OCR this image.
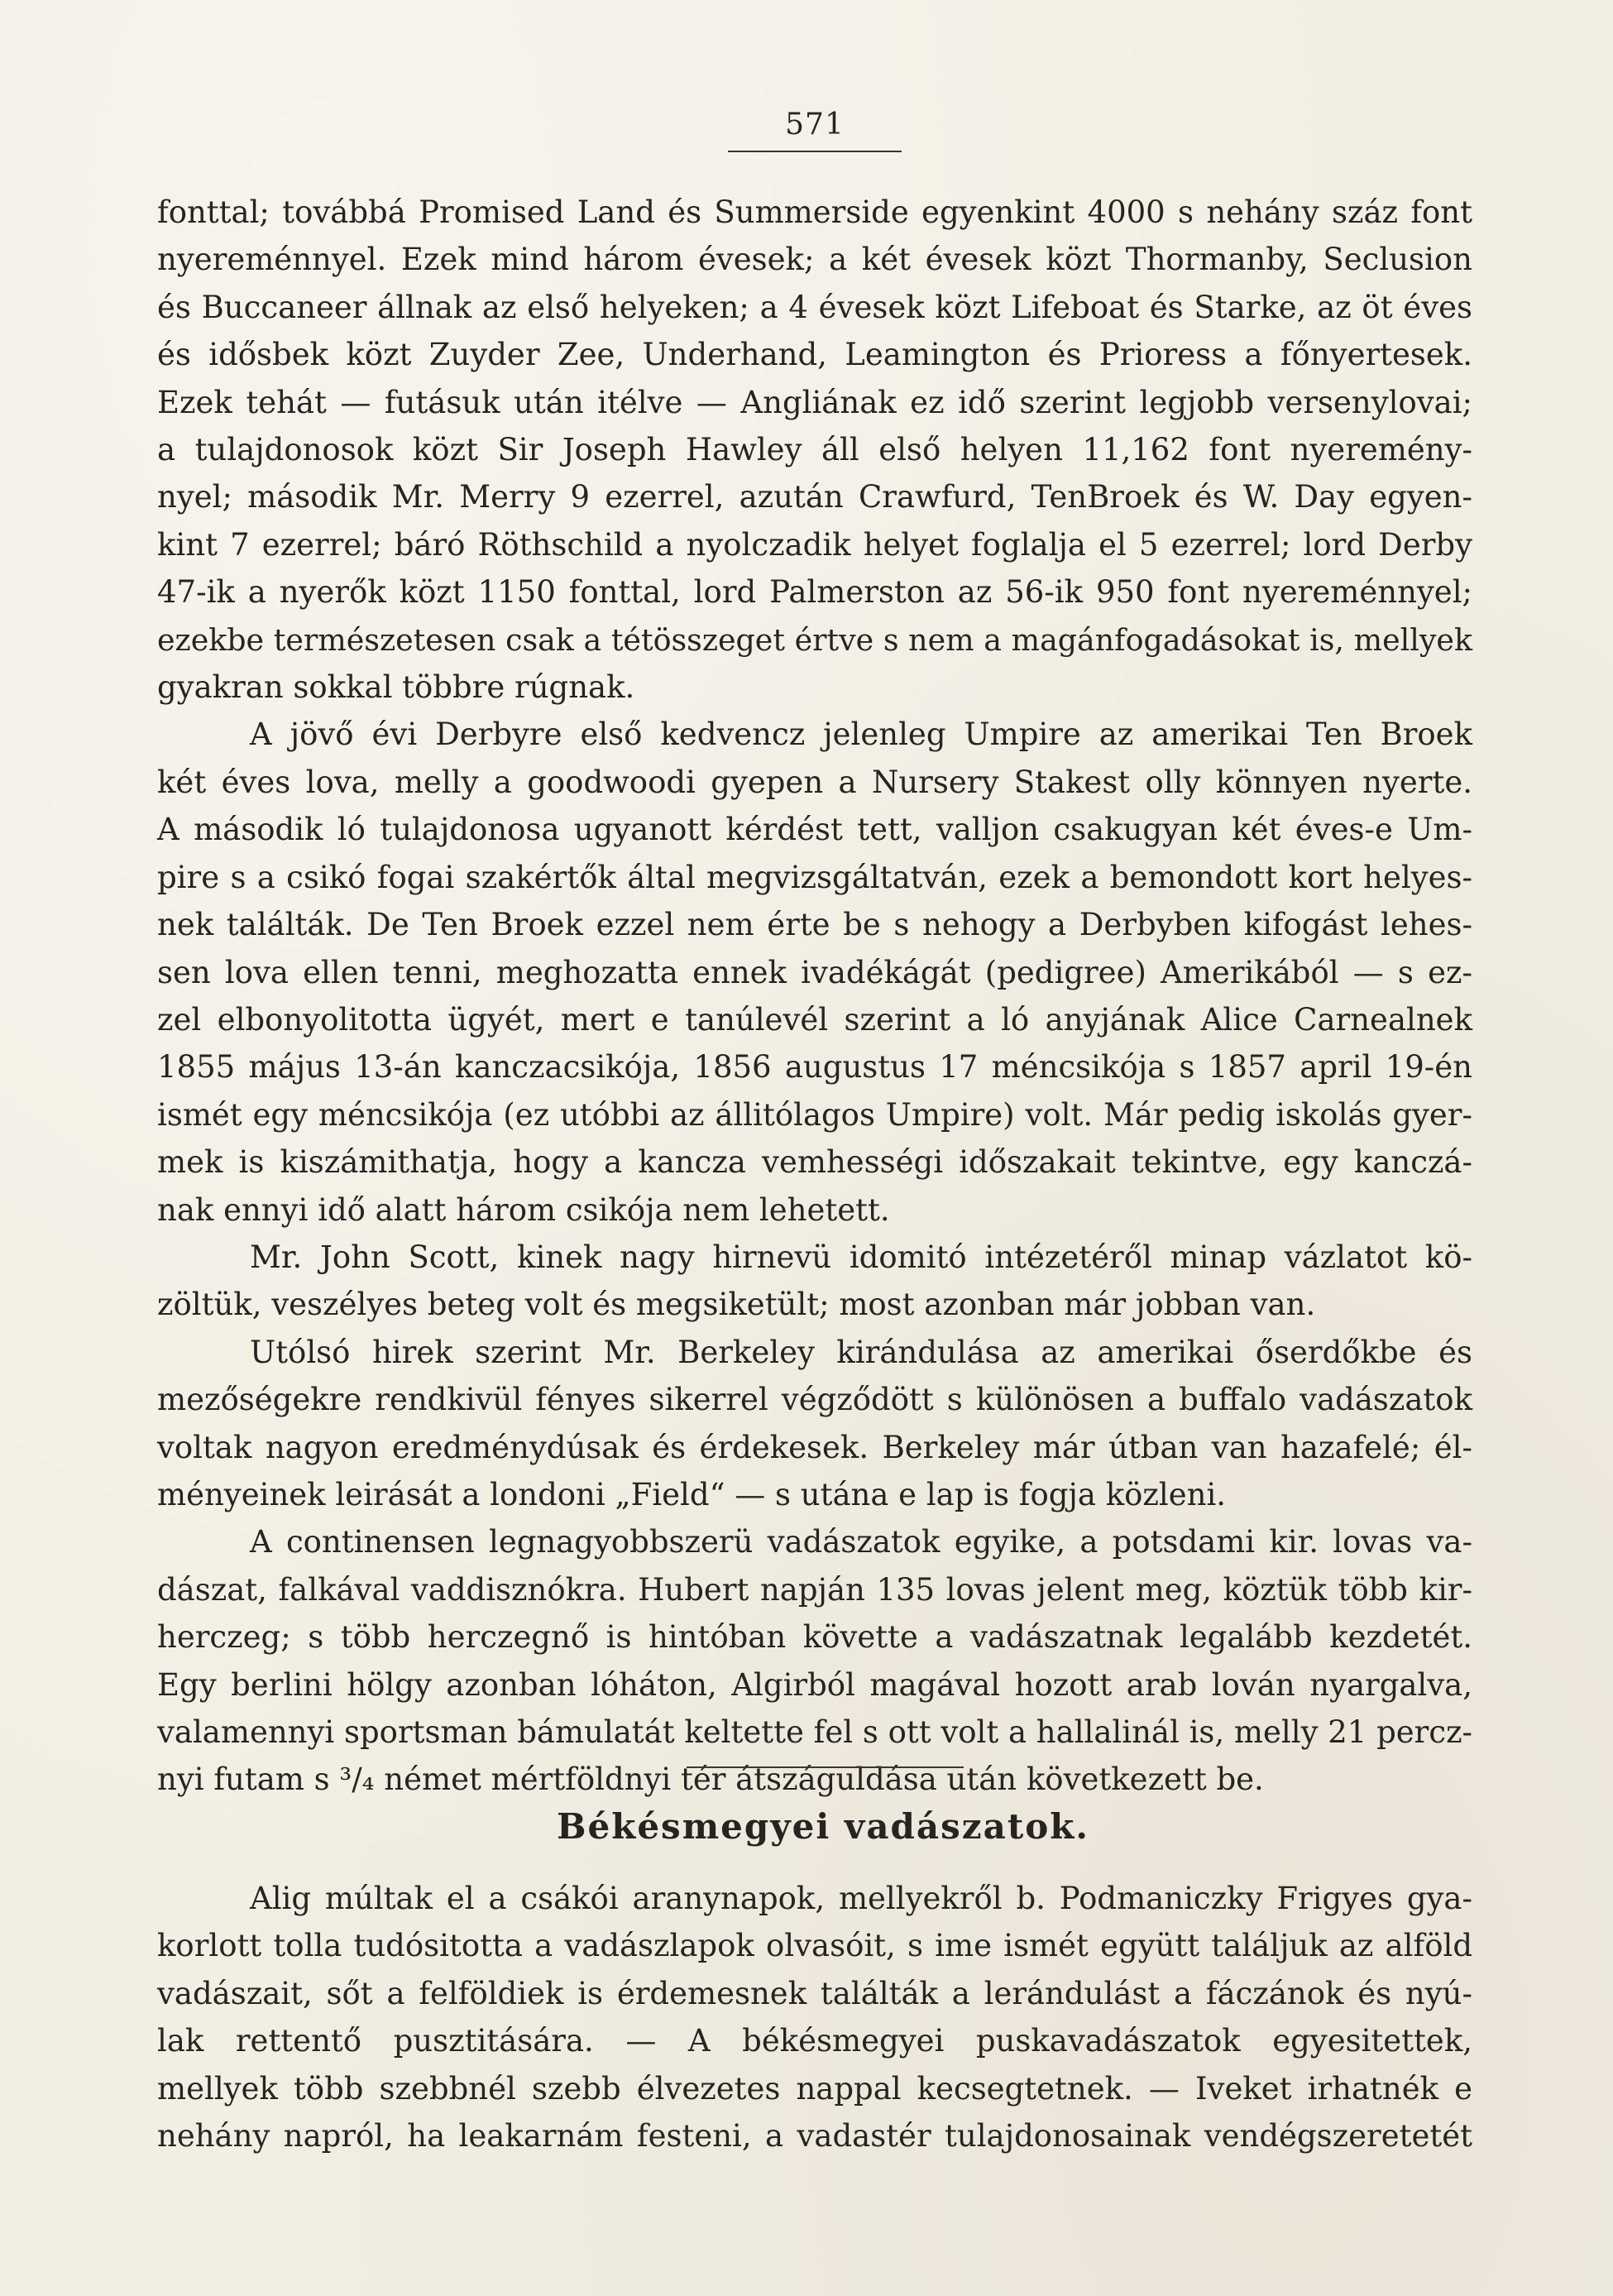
571
fonttal; továbbá Promised Land és Summerside egyenkint 4000 s nehány száz font
nyereménnyel. Ezek mind három évesek; a két évesek közt Thormanby, Seclusion
és Buccaneer állnak az első helyeken; a 4 évesek közt Lifeboat és Starke, az öt éves
és idősbek közt Zuyder Zee, Underhand, Leamington és Prioress a főnyertesek.
Ezek tehát — futásuk után itélve — Angliának ez idő szerint legjobb versenylovai;
a tulajdonosok közt Sir Joseph Hawley áll első helyen 11,162 font nyeremény-
nyel; második Mr. Merry 9 ezerrel, azután Crawfurd, TenBroek és W. Day egyen-
kint 7 ezerrel; báró Röthschild a nyolczadik helyet foglalja el 5 ezerrel; lord Derby
47-ik a nyerők közt 1150 fonttal, lord Palmerston az 56-ik 950 font nyereménnyel;
ezekbe természetesen csak a tétösszeget értve s nem a magánfogadásokat is, mellyek
gyakran sokkal többre rúgnak.
A jövő évi Derbyre első kedvencz jelenleg Umpire az amerikai Ten Broek
két éves lova, melly a goodwoodi gyepen a Nursery Stakest olly könnyen nyerte.
A második ló tulajdonosa ugyanott kérdést tett, valljon csakugyan két éves-e Um-
pire s a csikó fogai szakértők által megvizsgáltatván, ezek a bemondott kort helyes-
nek találták. De Ten Broek ezzel nem érte be s nehogy a Derbyben kifogást lehes-
sen lova ellen tenni, meghozatta ennek ivadékágát (pedigree) Amerikából — s ez-
zel elbonyolitotta ügyét, mert e tanúlevél szerint a ló anyjának Alice Carnealnek
1855 május 13-án kanczacsikója, 1856 augustus 17 méncsikója s 1857 april 19-én
ismét egy méncsikója (ez utóbbi az állitólagos Umpire) volt. Már pedig iskolás gyer-
mek is kiszámithatja, hogy a kancza vemhességi időszakait tekintve, egy kanczá-
nak ennyi idő alatt három csikója nem lehetett.
Mr. John Scott, kinek nagy hirnevü idomitó intézetéről minap vázlatot kö-
zöltük, veszélyes beteg volt és megsiketült; most azonban már jobban van.
Utólsó hirek szerint Mr. Berkeley kirándulása az amerikai őserdőkbe és
mezőségekre rendkivül fényes sikerrel végződött s különösen a buffalo vadászatok
voltak nagyon eredménydúsak és érdekesek. Berkeley már útban van hazafelé; él-
ményeinek leirását a londoni „Field“ — s utána e lap is fogja közleni.
A continensen legnagyobbszerü vadászatok egyike, a potsdami kir. lovas va-
dászat, falkával vaddisznókra. Hubert napján 135 lovas jelent meg, köztük több kir-
herczeg; s több herczegnő is hintóban követte a vadászatnak legalább kezdetét.
Egy berlini hölgy azonban lóháton, Algirból magával hozott arab lován nyargalva,
valamennyi sportsman bámulatát keltette fel s ott volt a hallalinál is, melly 21 percz-
nyi futam s ³/₄ német mértföldnyi tér átszáguldása után következett be.
Békésmegyei vadászatok.
Alig múltak el a csákói aranynapok, mellyekről b. Podmaniczky Frigyes gya-
korlott tolla tudósitotta a vadászlapok olvasóit, s ime ismét együtt találjuk az alföld
vadászait, sőt a felföldiek is érdemesnek találták a lerándulást a fáczánok és nyú-
lak rettentő pusztitására. — A békésmegyei puskavadászatok egyesitettek,
mellyek több szebbnél szebb élvezetes nappal kecsegtetnek. — Iveket irhatnék e
nehány napról, ha leakarnám festeni, a vadastér tulajdonosainak vendégszeretetét
